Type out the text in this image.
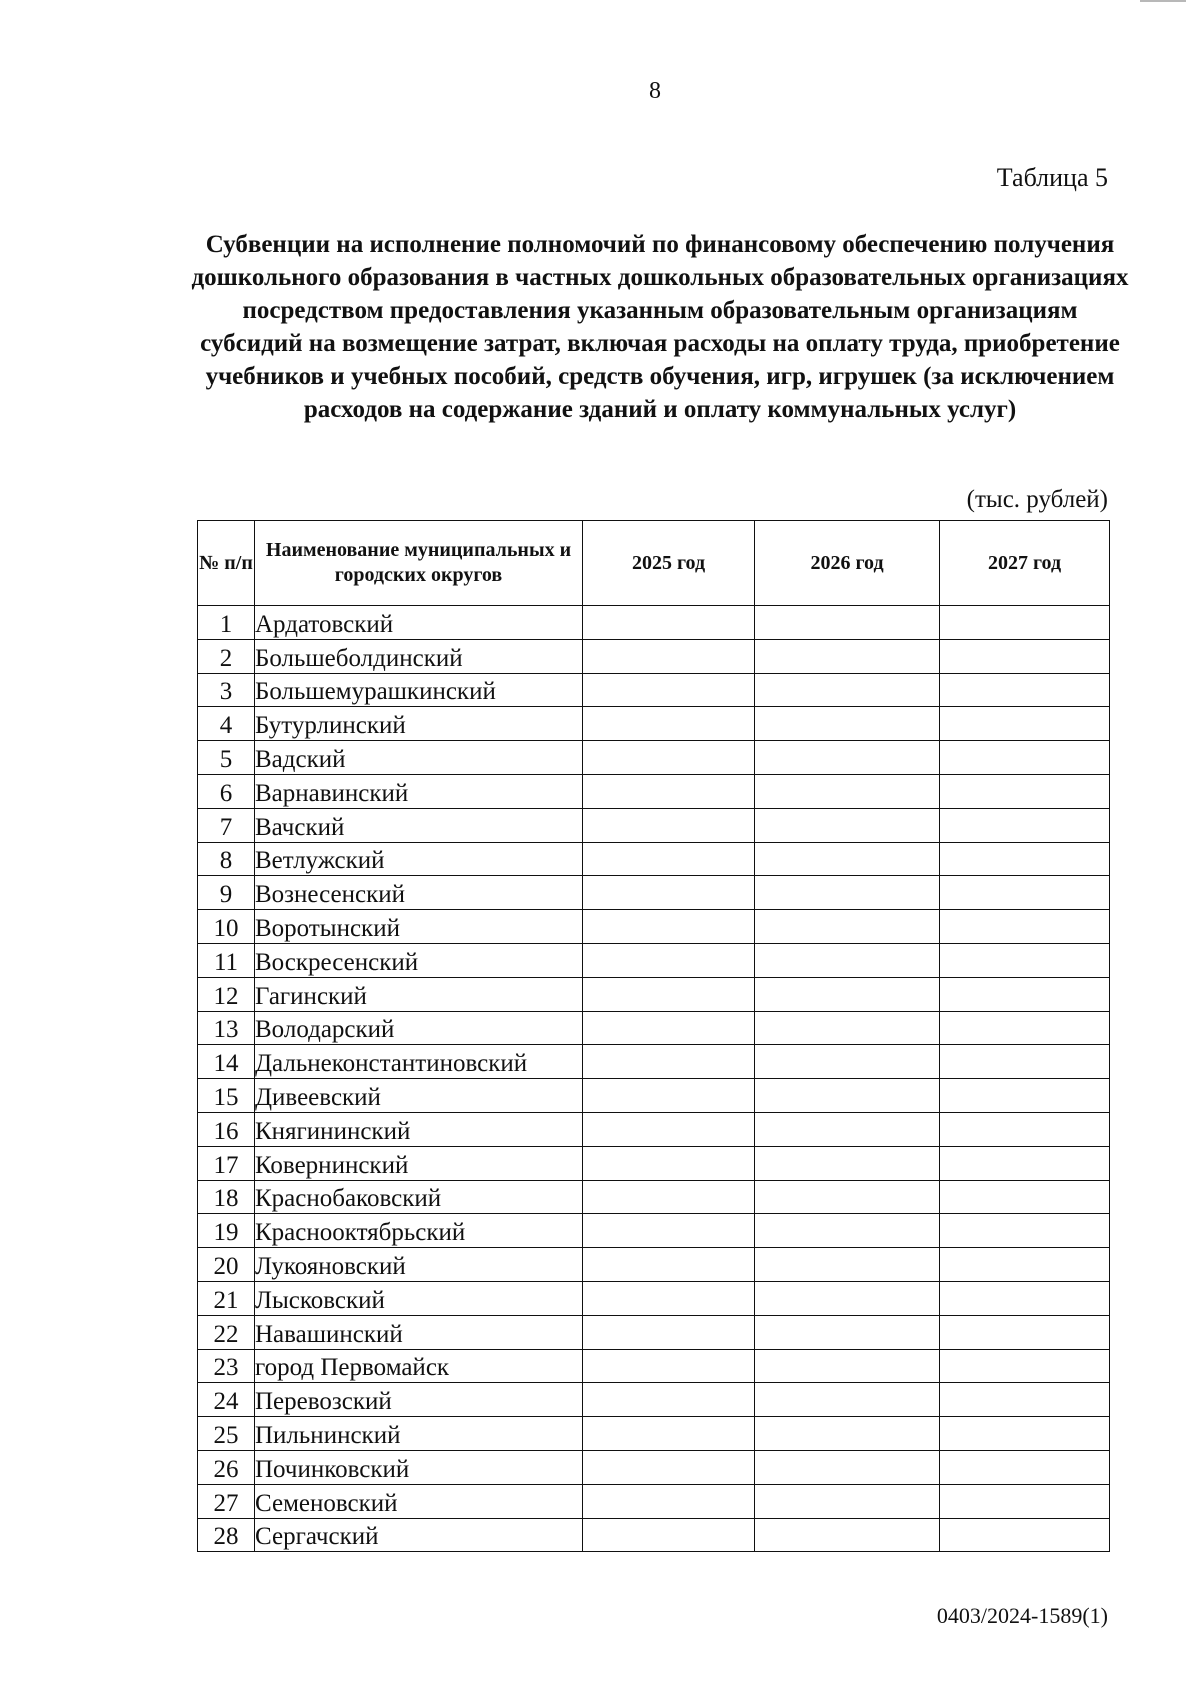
8
Таблица 5
Субвенции на исполнение полномочий по финансовому обеспечению получения дошкольного образования в частных дошкольных образовательных организациях посредством предоставления указанным образовательным организациям субсидий на возмещение затрат, включая расходы на оплату труда, приобретение учебников и учебных пособий, средств обучения, игр, игрушек (за исключением расходов на содержание зданий и оплату коммунальных услуг)
(тыс. рублей)
№ п/п	Наименование муниципальных и городских округов	2025 год	2026 год	2027 год
1	Ардатовский			
2	Большеболдинский			
3	Большемурашкинский			
4	Бутурлинский			
5	Вадский			
6	Варнавинский			
7	Вачский			
8	Ветлужский			
9	Вознесенский			
10	Воротынский			
11	Воскресенский			
12	Гагинский			
13	Володарский			
14	Дальнеконстантиновский			
15	Дивеевский			
16	Княгининский			
17	Ковернинский			
18	Краснобаковский			
19	Краснооктябрьский			
20	Лукояновский			
21	Лысковский			
22	Навашинский			
23	город Первомайск			
24	Перевозский			
25	Пильнинский			
26	Починковский			
27	Семеновский			
28	Сергачский			
0403/2024-1589(1)
